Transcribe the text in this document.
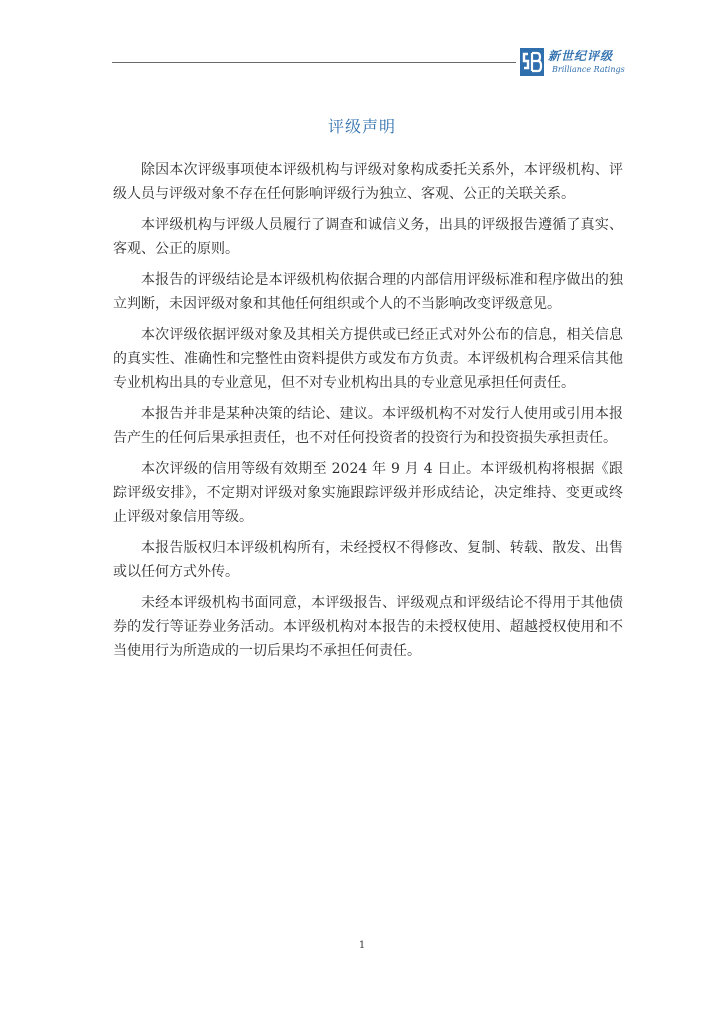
新世纪评级
Brilliance Ratings
评级声明

除因本次评级事项使本评级机构与评级对象构成委托关系外，本评级机构、评级人员与评级对象不存在任何影响评级行为独立、客观、公正的关联关系。

本评级机构与评级人员履行了调查和诚信义务，出具的评级报告遵循了真实、客观、公正的原则。

本报告的评级结论是本评级机构依据合理的内部信用评级标准和程序做出的独立判断，未因评级对象和其他任何组织或个人的不当影响改变评级意见。

本次评级依据评级对象及其相关方提供或已经正式对外公布的信息，相关信息的真实性、准确性和完整性由资料提供方或发布方负责。本评级机构合理采信其他专业机构出具的专业意见，但不对专业机构出具的专业意见承担任何责任。

本报告并非是某种决策的结论、建议。本评级机构不对发行人使用或引用本报告产生的任何后果承担责任，也不对任何投资者的投资行为和投资损失承担责任。

本次评级的信用等级有效期至 2024 年 9 月 4 日止。本评级机构将根据《跟踪评级安排》，不定期对评级对象实施跟踪评级并形成结论，决定维持、变更或终止评级对象信用等级。

本报告版权归本评级机构所有，未经授权不得修改、复制、转载、散发、出售或以任何方式外传。

未经本评级机构书面同意，本评级报告、评级观点和评级结论不得用于其他债券的发行等证券业务活动。本评级机构对本报告的未授权使用、超越授权使用和不当使用行为所造成的一切后果均不承担任何责任。

1
